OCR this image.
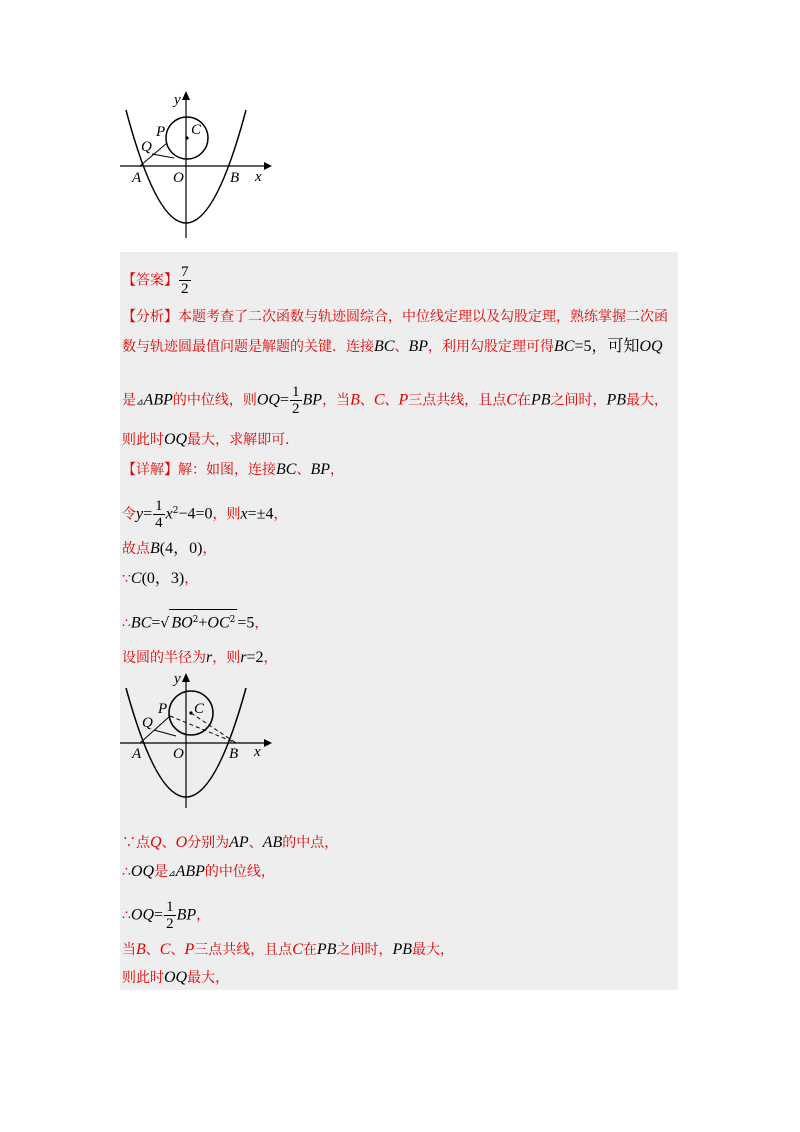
y
x
P C
Q
A O	B
【答案】 $\frac{7}{2}$
【分析】本题考查了二次函数与轨迹圆综合，中位线定理以及勾股定理，熟练掌握二次函
数与轨迹圆最值问题是解题的关键．连接BC、BP，利用勾股定理可得BC=5，可知OQ
是⊿ABP的中位线，则$OQ= \frac{1}{2}$ BP，当B、C、P三点共线，且点C在PB之间时，PB最大，
则此时OQ最大，求解即可．
【详解】解：如图，连接BC、BP，
令$y= \frac{1}{4} x^2-4=0$，则x=±4，
故点B(4，0)，
∵C(0，3)，
∴BC=√ $BO^2+OC^2 =5$，
设圆的半径为r，则r=2，
y
x
P C
Q
A O	B
∵点Q、O分别为AP、AB的中点，
∴OQ是⊿ABP的中位线，
∴OQ= $\frac{1}{2}$ BP，
当B、C、P三点共线，且点C在PB之间时，PB最大，
则此时OQ最大，
